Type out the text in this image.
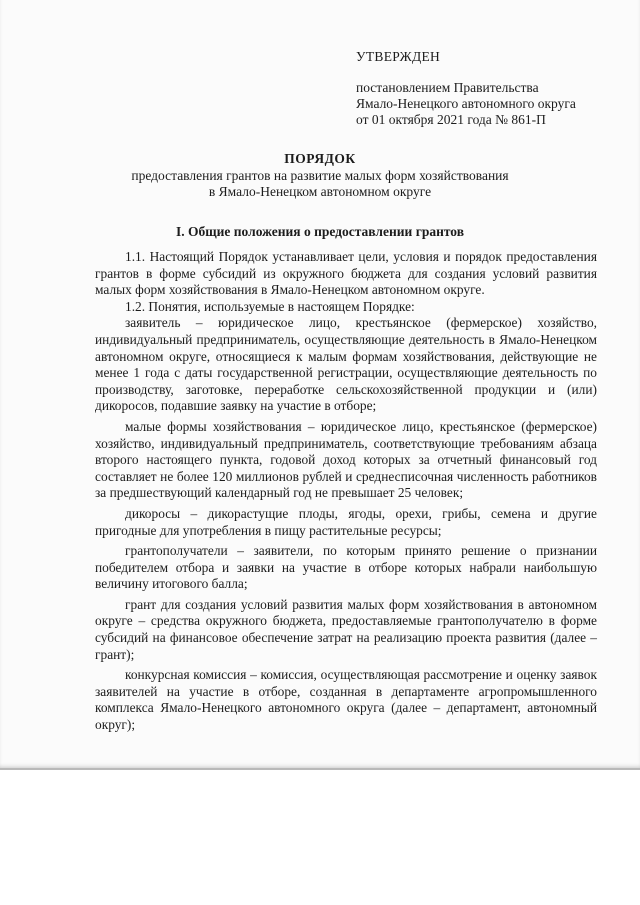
УТВЕРЖДЕН
постановлением Правительства
Ямало-Ненецкого автономного округа
от 01 октября 2021 года № 861-П
ПОРЯДОК
предоставления грантов на развитие малых форм хозяйствования
в Ямало-Ненецком автономном округе
I. Общие положения о предоставлении грантов

1.1. Настоящий Порядок устанавливает цели, условия и порядок предоставления грантов в форме субсидий из окружного бюджета для создания условий развития малых форм хозяйствования в Ямало-Ненецком автономном округе.

1.2. Понятия, используемые в настоящем Порядке:

заявитель – юридическое лицо, крестьянское (фермерское) хозяйство, индивидуальный предприниматель, осуществляющие деятельность в Ямало-Ненецком автономном округе, относящиеся к малым формам хозяйствования, действующие не менее 1 года с даты государственной регистрации, осуществляющие деятельность по производству, заготовке, переработке сельскохозяйственной продукции и (или) дикоросов, подавшие заявку на участие в отборе;

малые формы хозяйствования – юридическое лицо, крестьянское (фермерское) хозяйство, индивидуальный предприниматель, соответствующие требованиям абзаца второго настоящего пункта, годовой доход которых за отчетный финансовый год составляет не более 120 миллионов рублей и среднесписочная численность работников за предшествующий календарный год не превышает 25 человек;

дикоросы – дикорастущие плоды, ягоды, орехи, грибы, семена и другие пригодные для употребления в пищу растительные ресурсы;

грантополучатели – заявители, по которым принято решение о признании победителем отбора и заявки на участие в отборе которых набрали наибольшую величину итогового балла;

грант для создания условий развития малых форм хозяйствования в автономном округе – средства окружного бюджета, предоставляемые грантополучателю в форме субсидий на финансовое обеспечение затрат на реализацию проекта развития (далее – грант);

конкурсная комиссия – комиссия, осуществляющая рассмотрение и оценку заявок заявителей на участие в отборе, созданная в департаменте агропромышленного комплекса Ямало-Ненецкого автономного округа (далее – департамент, автономный округ);
